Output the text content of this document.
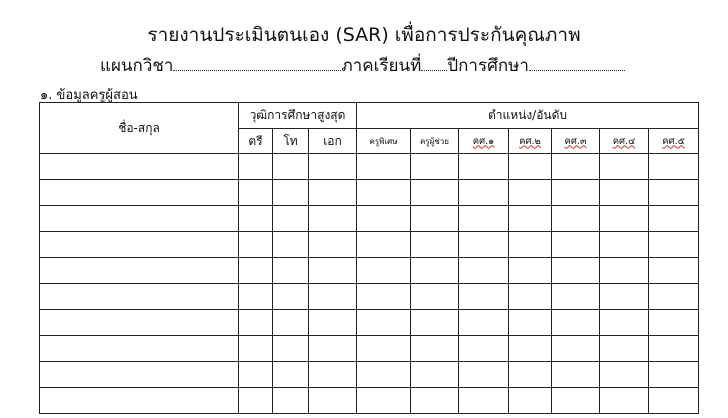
รายงานประเมินตนเอง (SAR) เพื่อการประกันคุณภาพ
แผนกวิชา	ภาคเรียนที่ ปีการศึกษา
๑. ข้อมูลครูผู้สอน
ชื่อ-สกุล	วุฒิการศึกษาสูงสุด			ตำแหน่ง/อันดับ						
	ตรี	โท	เอก	ครูพิเศษ	ครูผู้ช่วย	คศ.๑	คศ.๒	คศ.๓	คศ.๔	คศ.๕
